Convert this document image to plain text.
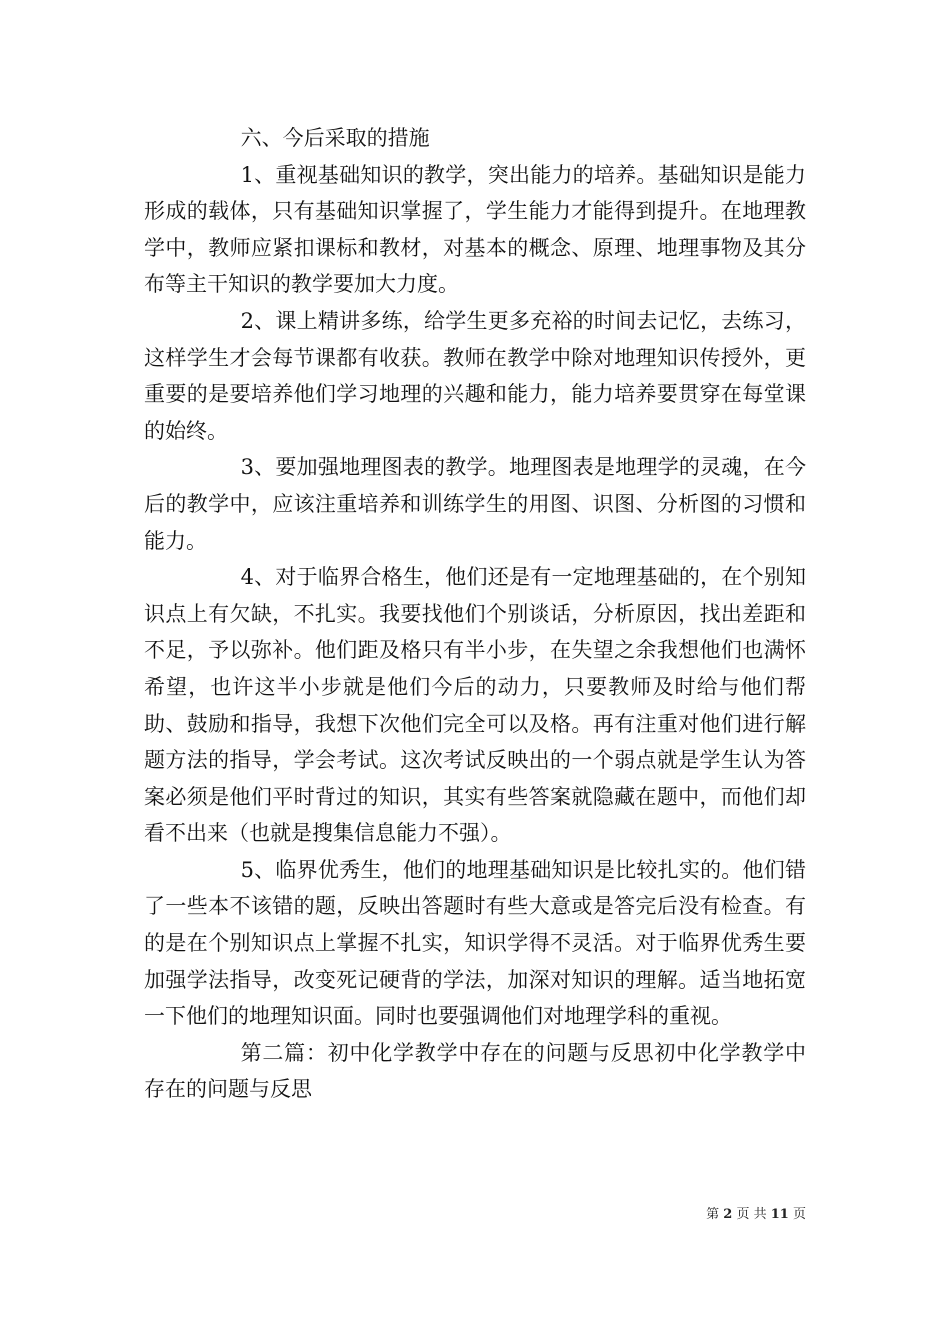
六、今后采取的措施

1、重视基础知识的教学，突出能力的培养。基础知识是能力形成的载体，只有基础知识掌握了，学生能力才能得到提升。在地理教学中，教师应紧扣课标和教材，对基本的概念、原理、地理事物及其分布等主干知识的教学要加大力度。

2、课上精讲多练，给学生更多充裕的时间去记忆，去练习，这样学生才会每节课都有收获。教师在教学中除对地理知识传授外，更重要的是要培养他们学习地理的兴趣和能力，能力培养要贯穿在每堂课的始终。

3、要加强地理图表的教学。地理图表是地理学的灵魂，在今后的教学中，应该注重培养和训练学生的用图、识图、分析图的习惯和能力。

4、对于临界合格生，他们还是有一定地理基础的，在个别知识点上有欠缺，不扎实。我要找他们个别谈话，分析原因，找出差距和不足，予以弥补。他们距及格只有半小步，在失望之余我想他们也满怀希望，也许这半小步就是他们今后的动力，只要教师及时给与他们帮助、鼓励和指导，我想下次他们完全可以及格。再有注重对他们进行解题方法的指导，学会考试。这次考试反映出的一个弱点就是学生认为答案必须是他们平时背过的知识，其实有些答案就隐藏在题中，而他们却看不出来（也就是搜集信息能力不强）。

5、临界优秀生，他们的地理基础知识是比较扎实的。他们错了一些本不该错的题，反映出答题时有些大意或是答完后没有检查。有的是在个别知识点上掌握不扎实，知识学得不灵活。对于临界优秀生要加强学法指导，改变死记硬背的学法，加深对知识的理解。适当地拓宽一下他们的地理知识面。同时也要强调他们对地理学科的重视。

第二篇：初中化学教学中存在的问题与反思初中化学教学中存在的问题与反思

第 2 页 共 11 页
